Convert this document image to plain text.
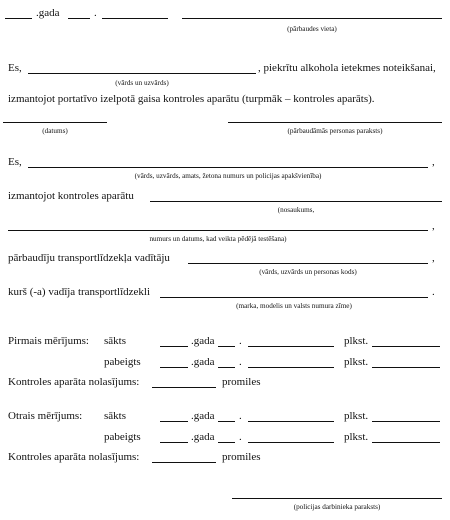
.gada	.
(pārbaudes vieta)
Es,	, piekrītu alkohola ietekmes noteikšanai,
(vārds un uzvārds)
izmantojot portatīvo izelpotā gaisa kontroles aparātu (turpmāk – kontroles aparāts).
(datums)	(pārbaudāmās personas paraksts)
Es,	,
(vārds, uzvārds, amats, žetona numurs un policijas apakšvienība)
izmantojot kontroles aparātu
(nosaukums,
,
numurs un datums, kad veikta pēdējā testēšana)
pārbaudīju transportlīdzekļa vadītāju	,
(vārds, uzvārds un personas kods)
kurš (-a) vadīja transportlīdzekli	.
(marka, modelis un valsts numura zīme)
Pirmais mērījums: sākts	.gada .	plkst.
pabeigts	.gada .	plkst.
Kontroles aparāta nolasījums:	promiles
Otrais mērījums: sākts	.gada .	plkst.
pabeigts	.gada .	plkst.
Kontroles aparāta nolasījums:	promiles
(policijas darbinieka paraksts)
